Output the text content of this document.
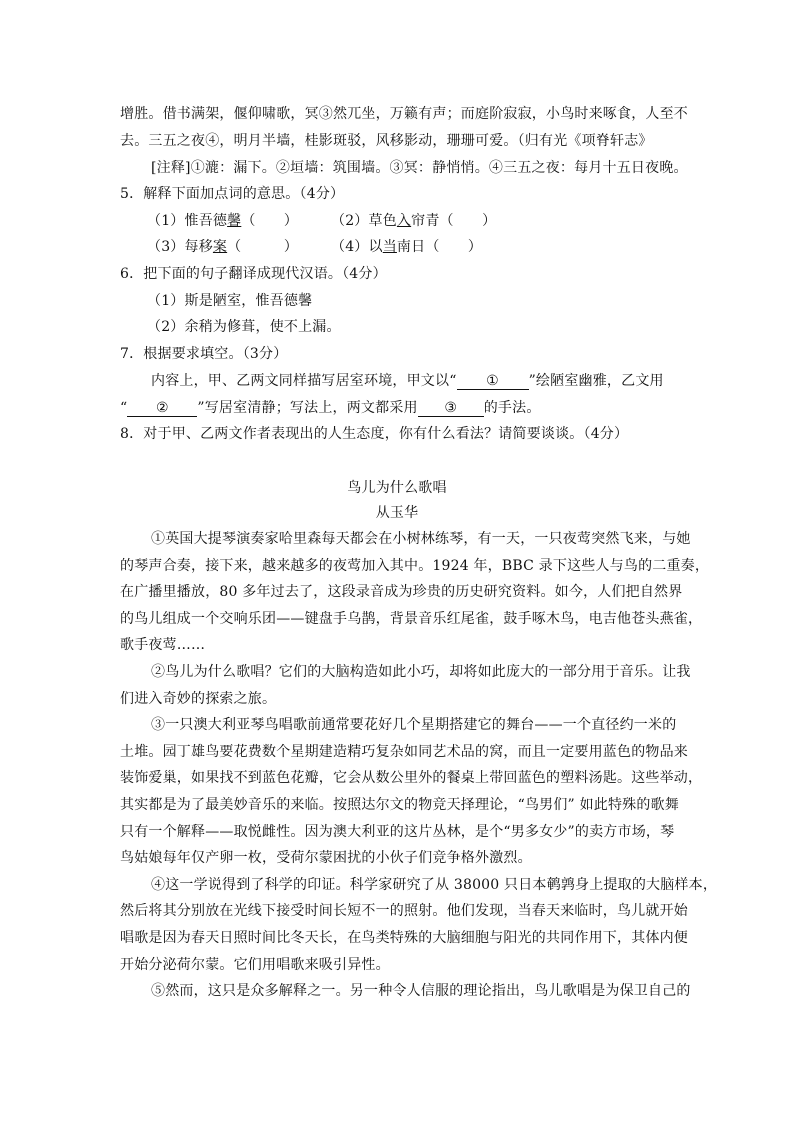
增胜。借书满架，偃仰啸歌，冥③然兀坐，万籁有声；而庭阶寂寂，小鸟时来啄食，人至不
去。三五之夜④，明月半墙，桂影斑驳，风移影动，珊珊可爱。（归有光《项脊轩志》
[注释]①漉：漏下。②垣墙：筑围墙。③冥：静悄悄。④三五之夜：每月十五日夜晚。
5．解释下面加点词的意思。（4分）
（1）惟吾德馨（　　） （2）草色入帘青（　　）
（3）每移案（　　　） （4）以当南日（　　）
6．把下面的句子翻译成现代汉语。（4分）
（1）斯是陋室，惟吾德馨
（2）余稍为修葺，使不上漏。
7．根据要求填空。（3分）
内容上，甲、乙两文同样描写居室环境，甲文以“ ① ”绘陋室幽雅，乙文用
“ ② ”写居室清静；写法上，两文都采用 ③ 的手法。
8．对于甲、乙两文作者表现出的人生态度，你有什么看法？请简要谈谈。（4分）
鸟儿为什么歌唱
从玉华
①英国大提琴演奏家哈里森每天都会在小树林练琴，有一天，一只夜莺突然飞来，与她
的琴声合奏，接下来，越来越多的夜莺加入其中。1924 年，BBC 录下这些人与鸟的二重奏，
在广播里播放，80 多年过去了，这段录音成为珍贵的历史研究资料。如今，人们把自然界
的鸟儿组成一个交响乐团——键盘手乌鹊，背景音乐红尾雀，鼓手啄木鸟，电吉他苍头燕雀，
歌手夜莺……
②鸟儿为什么歌唱？它们的大脑构造如此小巧，却将如此庞大的一部分用于音乐。让我
们进入奇妙的探索之旅。
③一只澳大利亚琴鸟唱歌前通常要花好几个星期搭建它的舞台——一个直径约一米的
土堆。园丁雄鸟要花费数个星期建造精巧复杂如同艺术品的窝，而且一定要用蓝色的物品来
装饰爱巢，如果找不到蓝色花瓣，它会从数公里外的餐桌上带回蓝色的塑料汤匙。这些举动，
其实都是为了最美妙音乐的来临。按照达尔文的物竞天择理论，“鸟男们” 如此特殊的歌舞
只有一个解释——取悦雌性。因为澳大利亚的这片丛林，是个“男多女少”的卖方市场，琴
鸟姑娘每年仅产卵一枚，受荷尔蒙困扰的小伙子们竞争格外激烈。
④这一学说得到了科学的印证。科学家研究了从 38000 只日本鹌鹑身上提取的大脑样本，
然后将其分别放在光线下接受时间长短不一的照射。他们发现，当春天来临时，鸟儿就开始
唱歌是因为春天日照时间比冬天长，在鸟类特殊的大脑细胞与阳光的共同作用下，其体内便
开始分泌荷尔蒙。它们用唱歌来吸引异性。
⑤然而，这只是众多解释之一。另一种令人信服的理论指出，鸟儿歌唱是为保卫自己的
